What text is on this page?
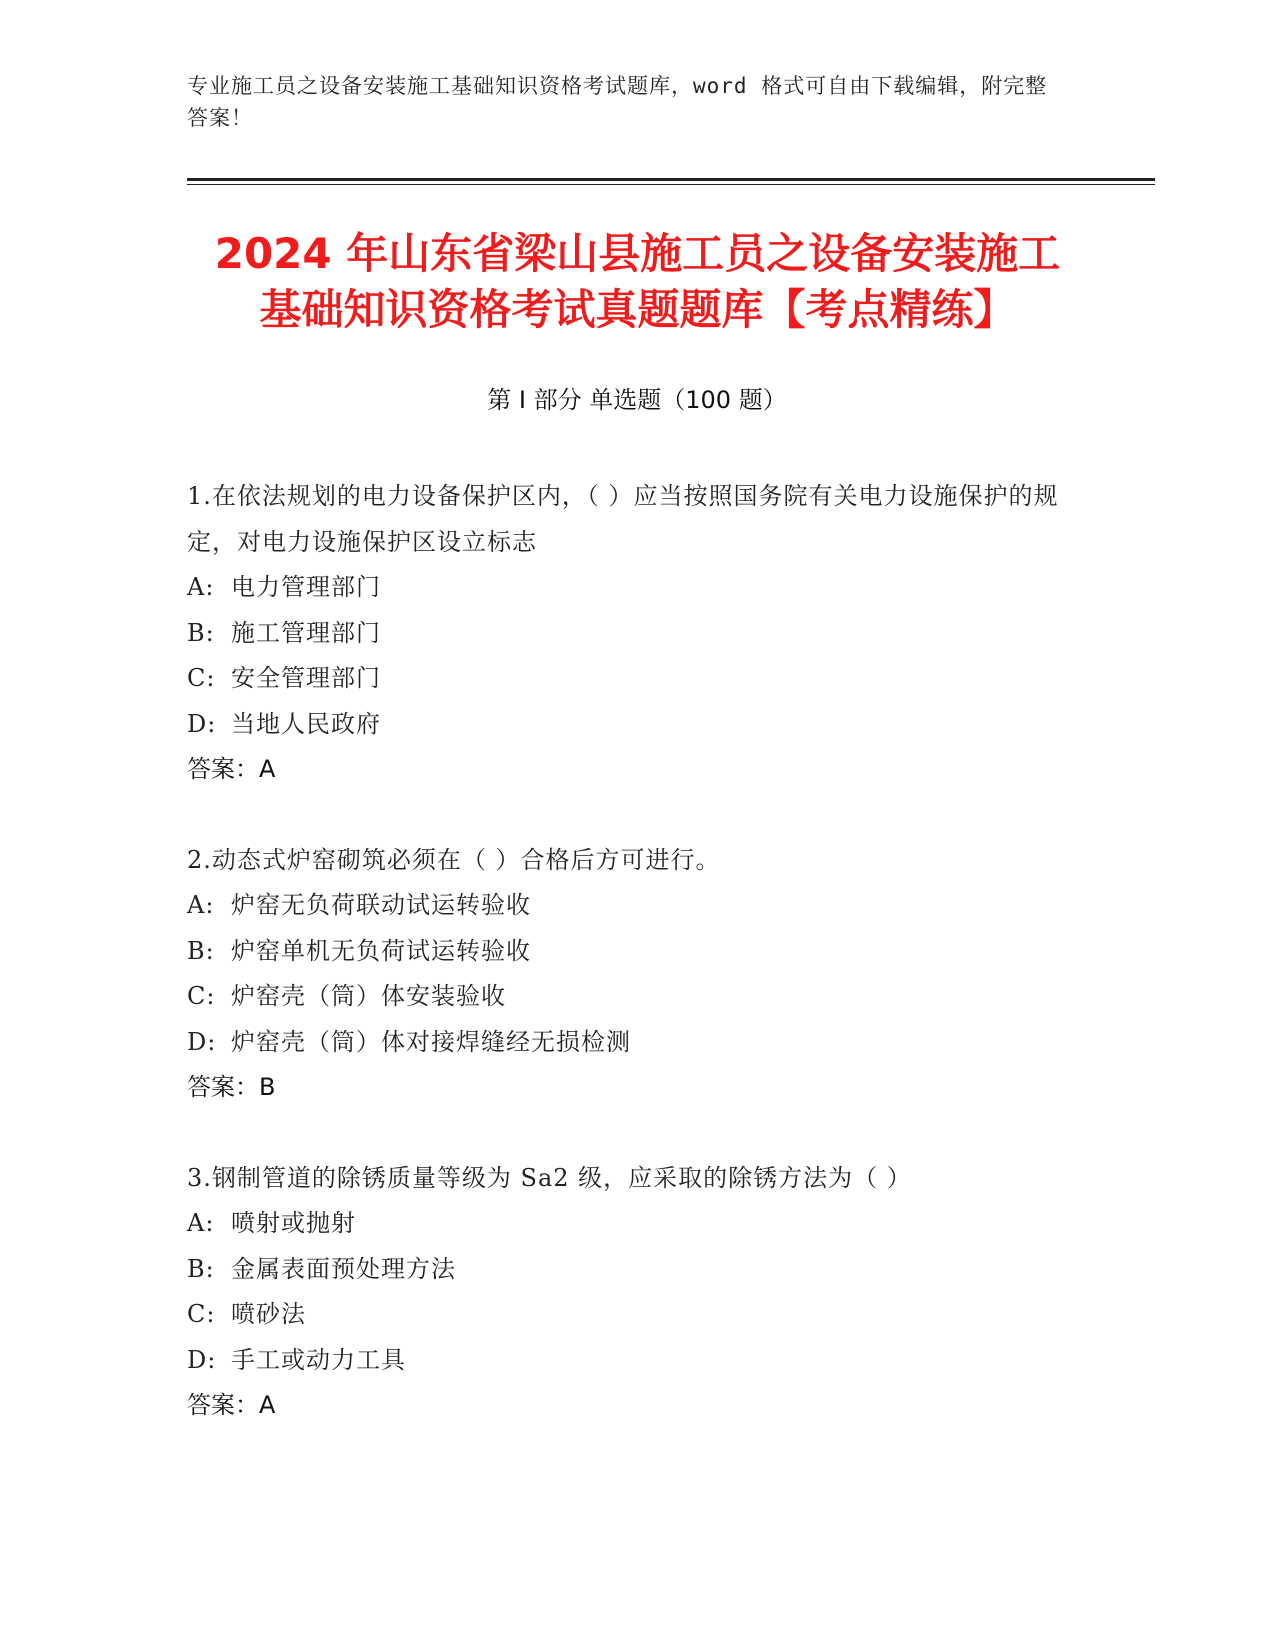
专业施工员之设备安装施工基础知识资格考试题库，word 格式可自由下载编辑，附完整答案！
2024 年山东省梁山县施工员之设备安装施工
基础知识资格考试真题题库【考点精练】
第 I 部分 单选题（100 题）
1.在依法规划的电力设备保护区内，（ ）应当按照国务院有关电力设施保护的规定，对电力设施保护区设立标志
A: 电力管理部门
B: 施工管理部门
C: 安全管理部门
D: 当地人民政府
答案：A
2.动态式炉窑砌筑必须在（ ）合格后方可进行。
A: 炉窑无负荷联动试运转验收
B: 炉窑单机无负荷试运转验收
C: 炉窑壳（筒）体安装验收
D: 炉窑壳（筒）体对接焊缝经无损检测
答案：B
3.钢制管道的除锈质量等级为 Sa2 级，应采取的除锈方法为（ ）
A: 喷射或抛射
B: 金属表面预处理方法
C: 喷砂法
D: 手工或动力工具
答案：A
